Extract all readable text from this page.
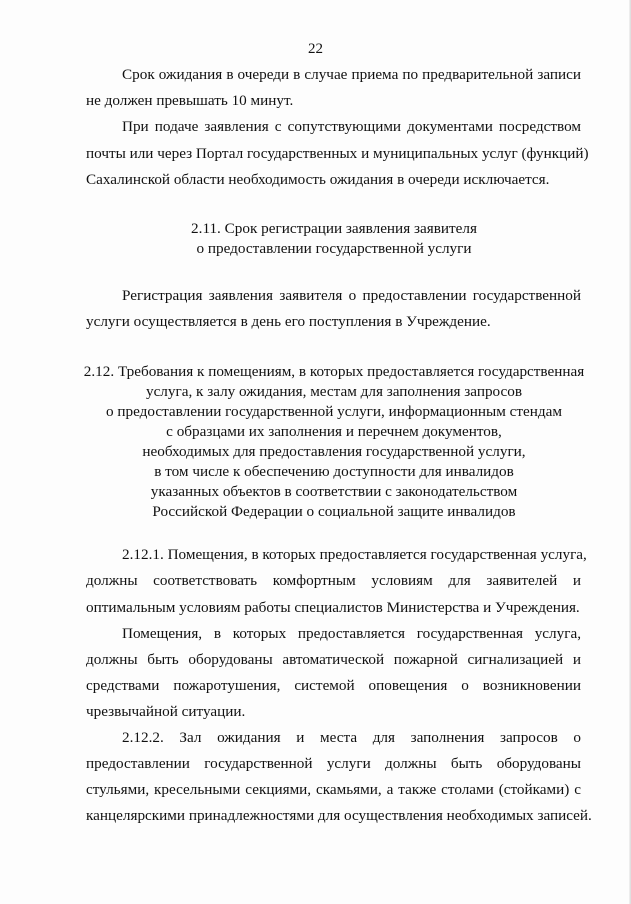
22
Срок ожидания в очереди в случае приема по предварительной записи
не должен превышать 10 минут.
При подаче заявления с сопутствующими документами посредством
почты или через Портал государственных и муниципальных услуг (функций)
Сахалинской области необходимость ожидания в очереди исключается.
2.11. Срок регистрации заявления заявителя
о предоставлении государственной услуги
Регистрация заявления заявителя о предоставлении государственной
услуги осуществляется в день его поступления в Учреждение.
2.12. Требования к помещениям, в которых предоставляется государственная
услуга, к залу ожидания, местам для заполнения запросов
о предоставлении государственной услуги, информационным стендам
с образцами их заполнения и перечнем документов,
необходимых для предоставления государственной услуги,
в том числе к обеспечению доступности для инвалидов
указанных объектов в соответствии с законодательством
Российской Федерации о социальной защите инвалидов
2.12.1. Помещения, в которых предоставляется государственная услуга,
должны соответствовать комфортным условиям для заявителей и
оптимальным условиям работы специалистов Министерства и Учреждения.
Помещения, в которых предоставляется государственная услуга,
должны быть оборудованы автоматической пожарной сигнализацией и
средствами пожаротушения, системой оповещения о возникновении
чрезвычайной ситуации.
2.12.2. Зал ожидания и места для заполнения запросов о
предоставлении государственной услуги должны быть оборудованы
стульями, кресельными секциями, скамьями, а также столами (стойками) с
канцелярскими принадлежностями для осуществления необходимых записей.
